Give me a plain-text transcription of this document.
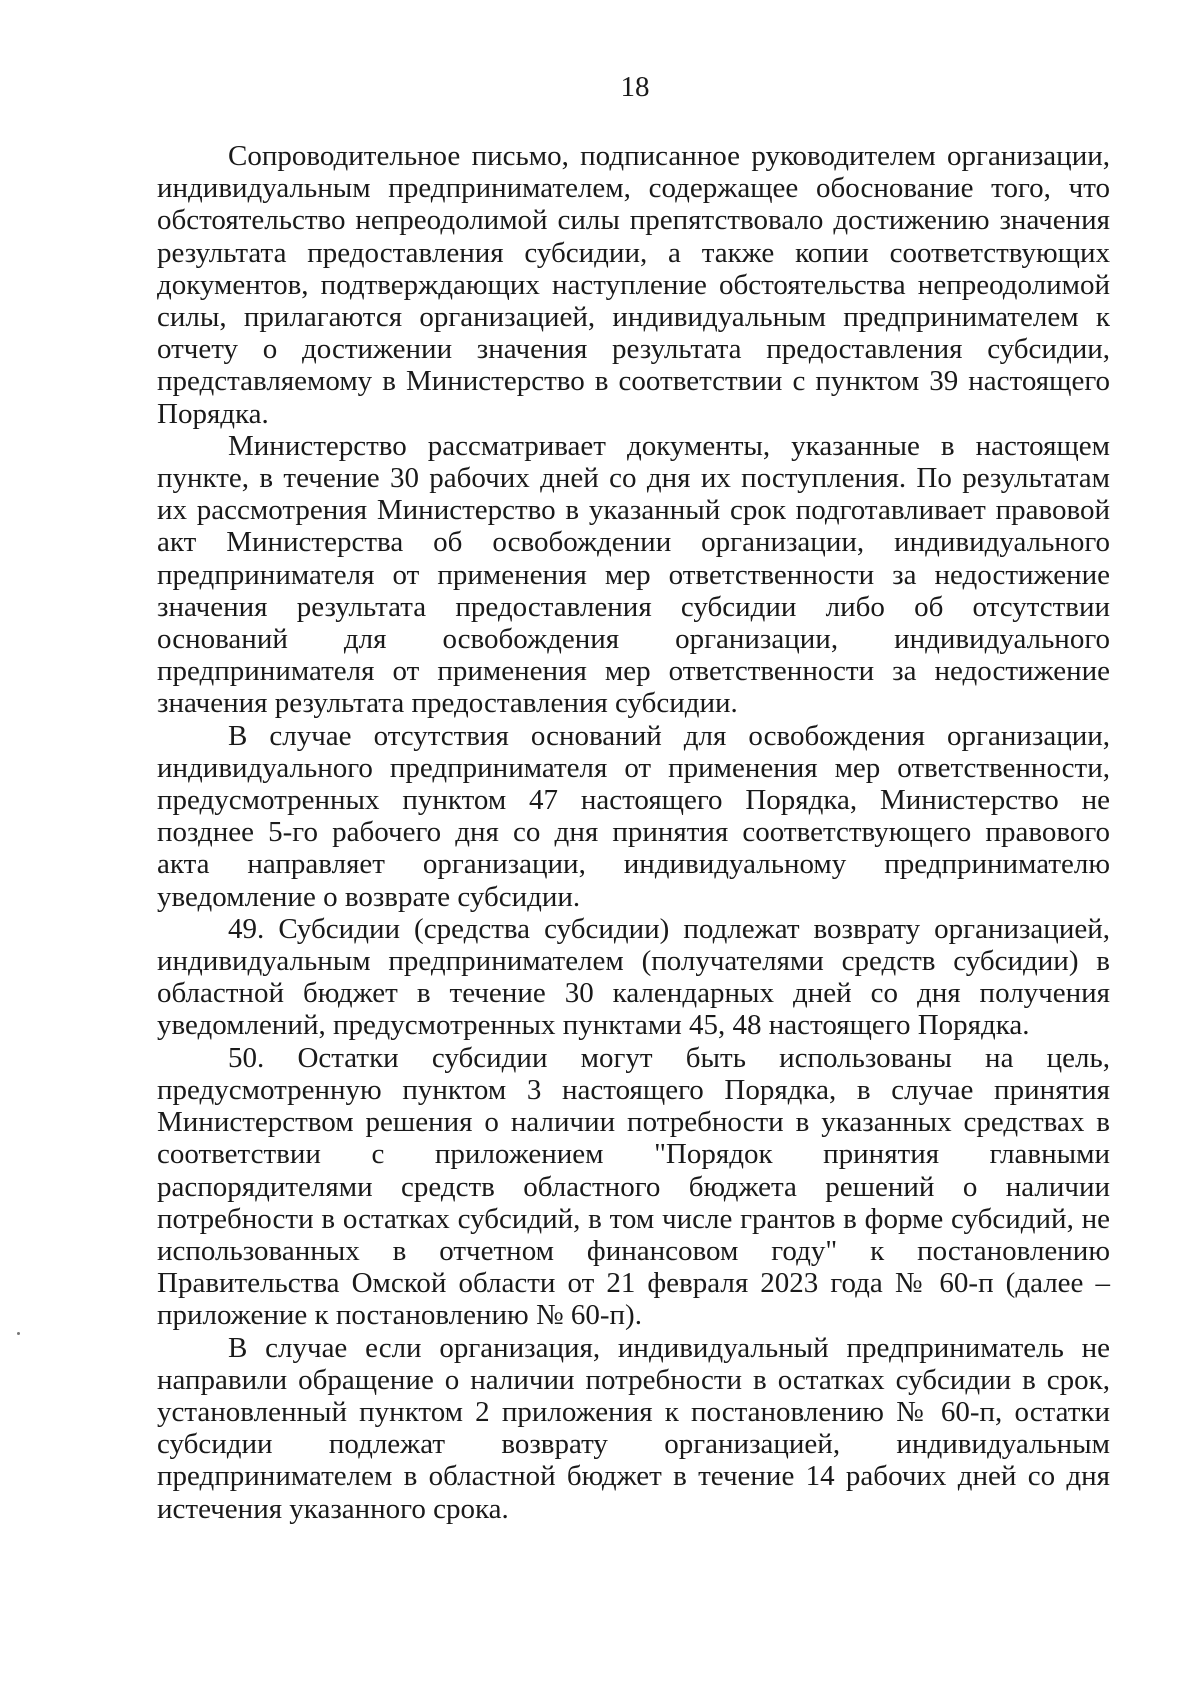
18

Сопроводительное письмо, подписанное руководителем организации, индивидуальным предпринимателем, содержащее обоснование того, что обстоятельство непреодолимой силы препятствовало достижению значения результата предоставления субсидии, а также копии соответствующих документов, подтверждающих наступление обстоятельства непреодолимой силы, прилагаются организацией, индивидуальным предпринимателем к отчету о достижении значения результата предоставления субсидии, представляемому в Министерство в соответствии с пунктом 39 настоящего Порядка.

Министерство рассматривает документы, указанные в настоящем пункте, в течение 30 рабочих дней со дня их поступления. По результатам их рассмотрения Министерство в указанный срок подготавливает правовой акт Министерства об освобождении организации, индивидуального предпринимателя от применения мер ответственности за недостижение значения результата предоставления субсидии либо об отсутствии оснований для освобождения организации, индивидуального предпринимателя от применения мер ответственности за недостижение значения результата предоставления субсидии.

В случае отсутствия оснований для освобождения организации, индивидуального предпринимателя от применения мер ответственности, предусмотренных пунктом 47 настоящего Порядка, Министерство не позднее 5-го рабочего дня со дня принятия соответствующего правового акта направляет организации, индивидуальному предпринимателю уведомление о возврате субсидии.

49. Субсидии (средства субсидии) подлежат возврату организацией, индивидуальным предпринимателем (получателями средств субсидии) в областной бюджет в течение 30 календарных дней со дня получения уведомлений, предусмотренных пунктами 45, 48 настоящего Порядка.

50. Остатки субсидии могут быть использованы на цель, предусмотренную пунктом 3 настоящего Порядка, в случае принятия Министерством решения о наличии потребности в указанных средствах в соответствии с приложением "Порядок принятия главными распорядителями средств областного бюджета решений о наличии потребности в остатках субсидий, в том числе грантов в форме субсидий, не использованных в отчетном финансовом году" к постановлению Правительства Омской области от 21 февраля 2023 года № 60-п (далее – приложение к постановлению № 60-п).

В случае если организация, индивидуальный предприниматель не направили обращение о наличии потребности в остатках субсидии в срок, установленный пунктом 2 приложения к постановлению № 60-п, остатки субсидии подлежат возврату организацией, индивидуальным предпринимателем в областной бюджет в течение 14 рабочих дней со дня истечения указанного срока.
